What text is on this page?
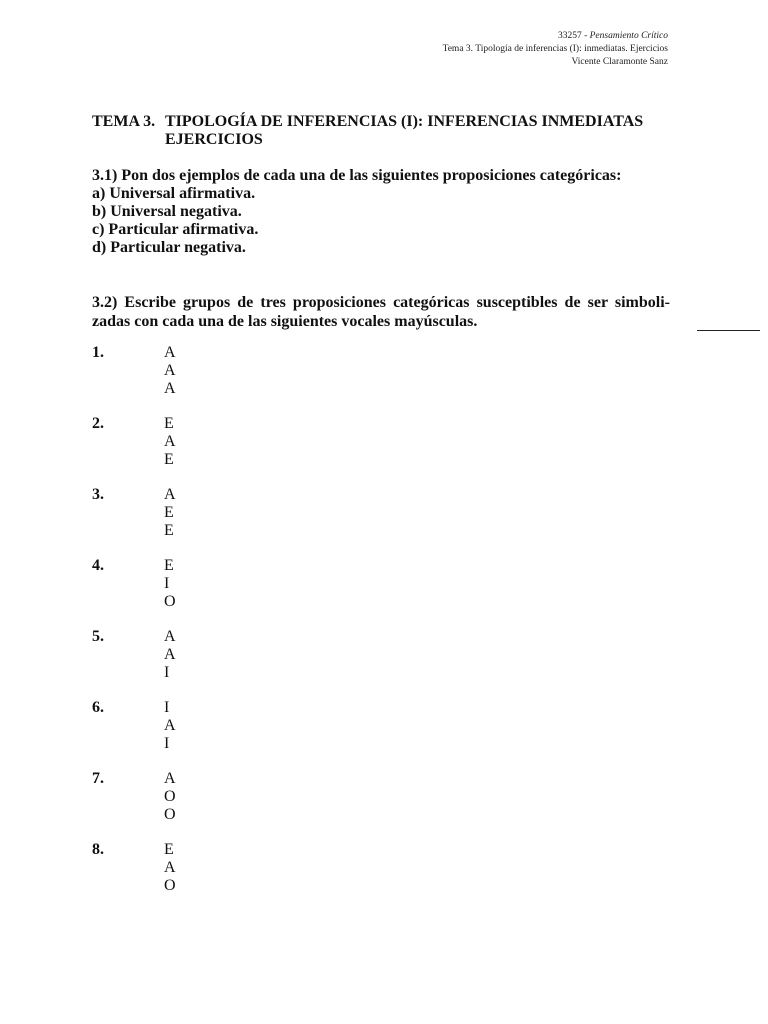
33257 - Pensamiento Crítico
Tema 3. Tipología de inferencias (I): inmediatas. Ejercicios
Vicente Claramonte Sanz
TEMA 3. TIPOLOGÍA DE INFERENCIAS (I): INFERENCIAS INMEDIATAS
EJERCICIOS
3.1) Pon dos ejemplos de cada una de las siguientes proposiciones categóricas:
a) Universal afirmativa.
b) Universal negativa.
c) Particular afirmativa.
d) Particular negativa.
3.2) Escribe grupos de tres proposiciones categóricas susceptibles de ser simboli-zadas con cada una de las siguientes vocales mayúsculas.
1.	A
A
A
2.	E
A
E
3.	A
E
E
4.	E
I
O
5.	A
A
I
6.	I
A
I
7.	A
O
O
8.	E
A
O
